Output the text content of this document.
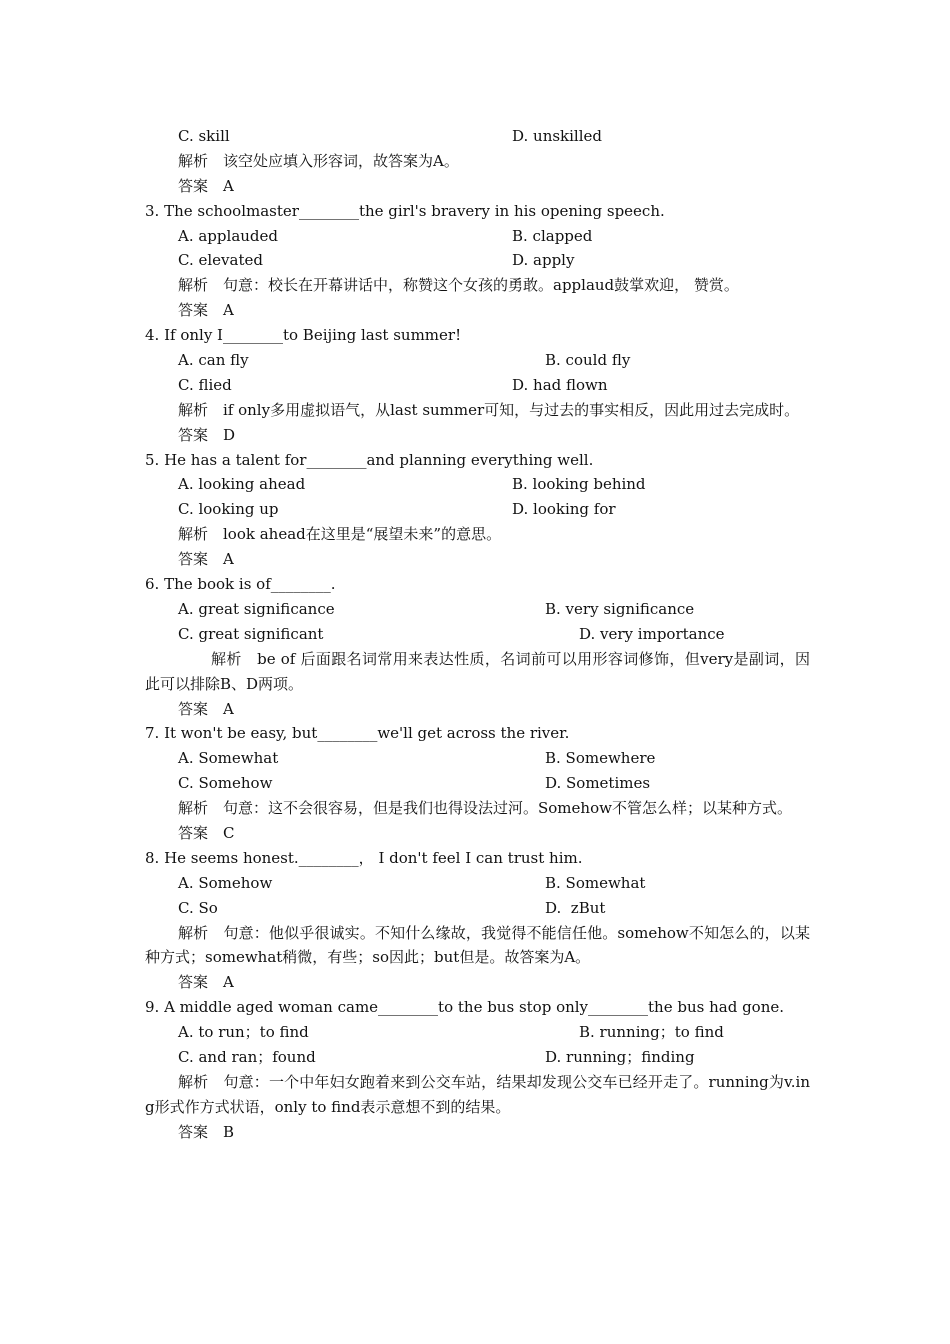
C. skill	D. unskilled
解析　该空处应填入形容词，故答案为A。
答案　A
3. The schoolmaster________the girl's bravery in his opening speech.
A. applauded	B. clapped
C. elevated	D. apply
解析　句意：校长在开幕讲话中，称赞这个女孩的勇敢。applaud鼓掌欢迎， 赞赏。
答案　A
4. If only I________to Beijing last summer!
A. can fly	B. could fly
C. flied	D. had flown
解析　if only多用虚拟语气，从last summer可知，与过去的事实相反，因此用过去完成时。
答案　D
5. He has a talent for________and planning everything well.
A. looking ahead	B. looking behind
C. looking up	D. looking for
解析　look ahead在这里是“展望未来”的意思。
答案　A
6. The book is of________.
A. great significance	B. very significance
C. great significant	D. very importance
解析　be of 后面跟名词常用来表达性质，名词前可以用形容词修饰，但very是副词，因此可以排除B、D两项。
答案　A
7. It won't be easy, but________we'll get across the river.
A. Somewhat	B. Somewhere
C. Somehow	D. Sometimes
解析　句意：这不会很容易，但是我们也得设法过河。Somehow不管怎么样；以某种方式。
答案　C
8. He seems honest.________， I don't feel I can trust him.
A. Somehow	B. Somewhat
C. So	D.  zBut
解析　句意：他似乎很诚实。不知什么缘故，我觉得不能信任他。somehow不知怎么的，以某种方式；somewhat稍微，有些；so因此；but但是。故答案为A。
答案　A
9. A middle aged woman came________to the bus stop only________the bus had gone.
A. to run；to find	B. running；to find
C. and ran；found	D. running；finding
解析　句意：一个中年妇女跑着来到公交车站，结果却发现公交车已经开走了。running为v.ing形式作方式状语，only to find表示意想不到的结果。
答案　B
